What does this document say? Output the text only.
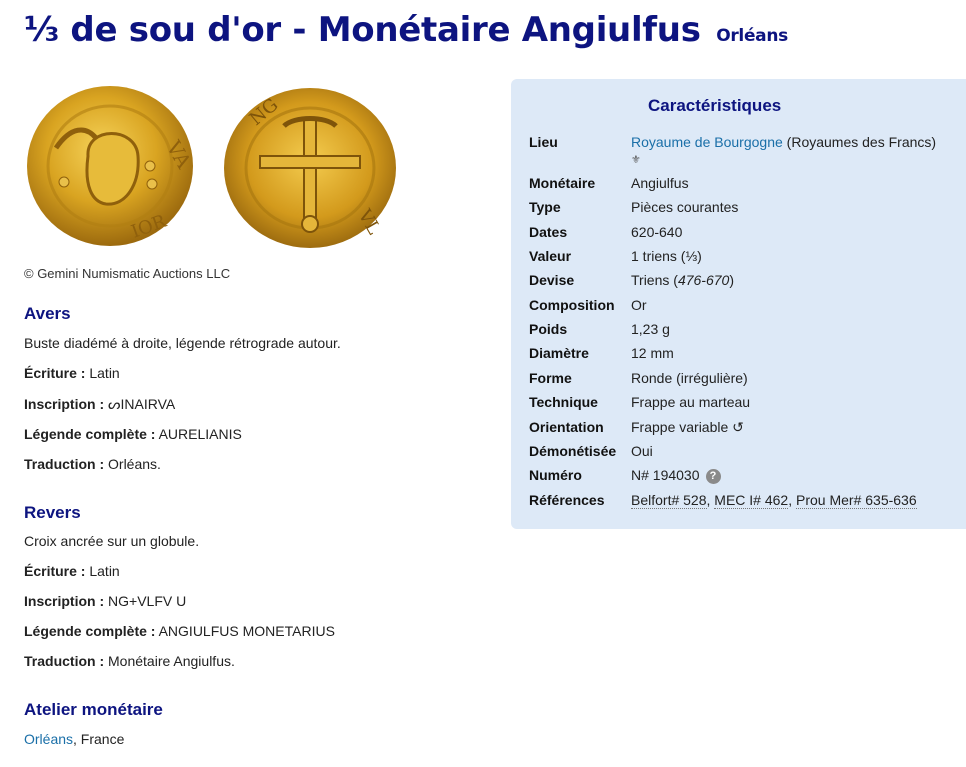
⅓ de sou d'or - Monétaire Angiulfus Orléans
VA
IOR
NG
VL
© Gemini Numismatic Auctions LLC
Avers
Buste diadémé à droite, légende rétrograde autour.
Écriture : Latin
Inscription : ᔕINAIRVA
Légende complète : AURELIANIS
Traduction : Orléans.
Revers
Croix ancrée sur un globule.
Écriture : Latin
Inscription : NG+VLFV U
Légende complète : ANGIULFUS MONETARIUS
Traduction : Monétaire Angiulfus.
Atelier monétaire
Orléans, France
Caractéristiques
Lieu	Royaume de Bourgogne (Royaumes des Francs)
⚜
Monétaire	Angiulfus
Type	Pièces courantes
Dates	620-640
Valeur	1 triens (⅓)
Devise	Triens (476-670)
Composition Or
Poids	1,23 g
Diamètre	12 mm
Forme	Ronde (irrégulière)
Technique Frappe au marteau
Orientation Frappe variable ↺
Démonétisée Oui
Numéro	N# 194030 ?
Références Belfort# 528, MEC I# 462, Prou Mer# 635-636
